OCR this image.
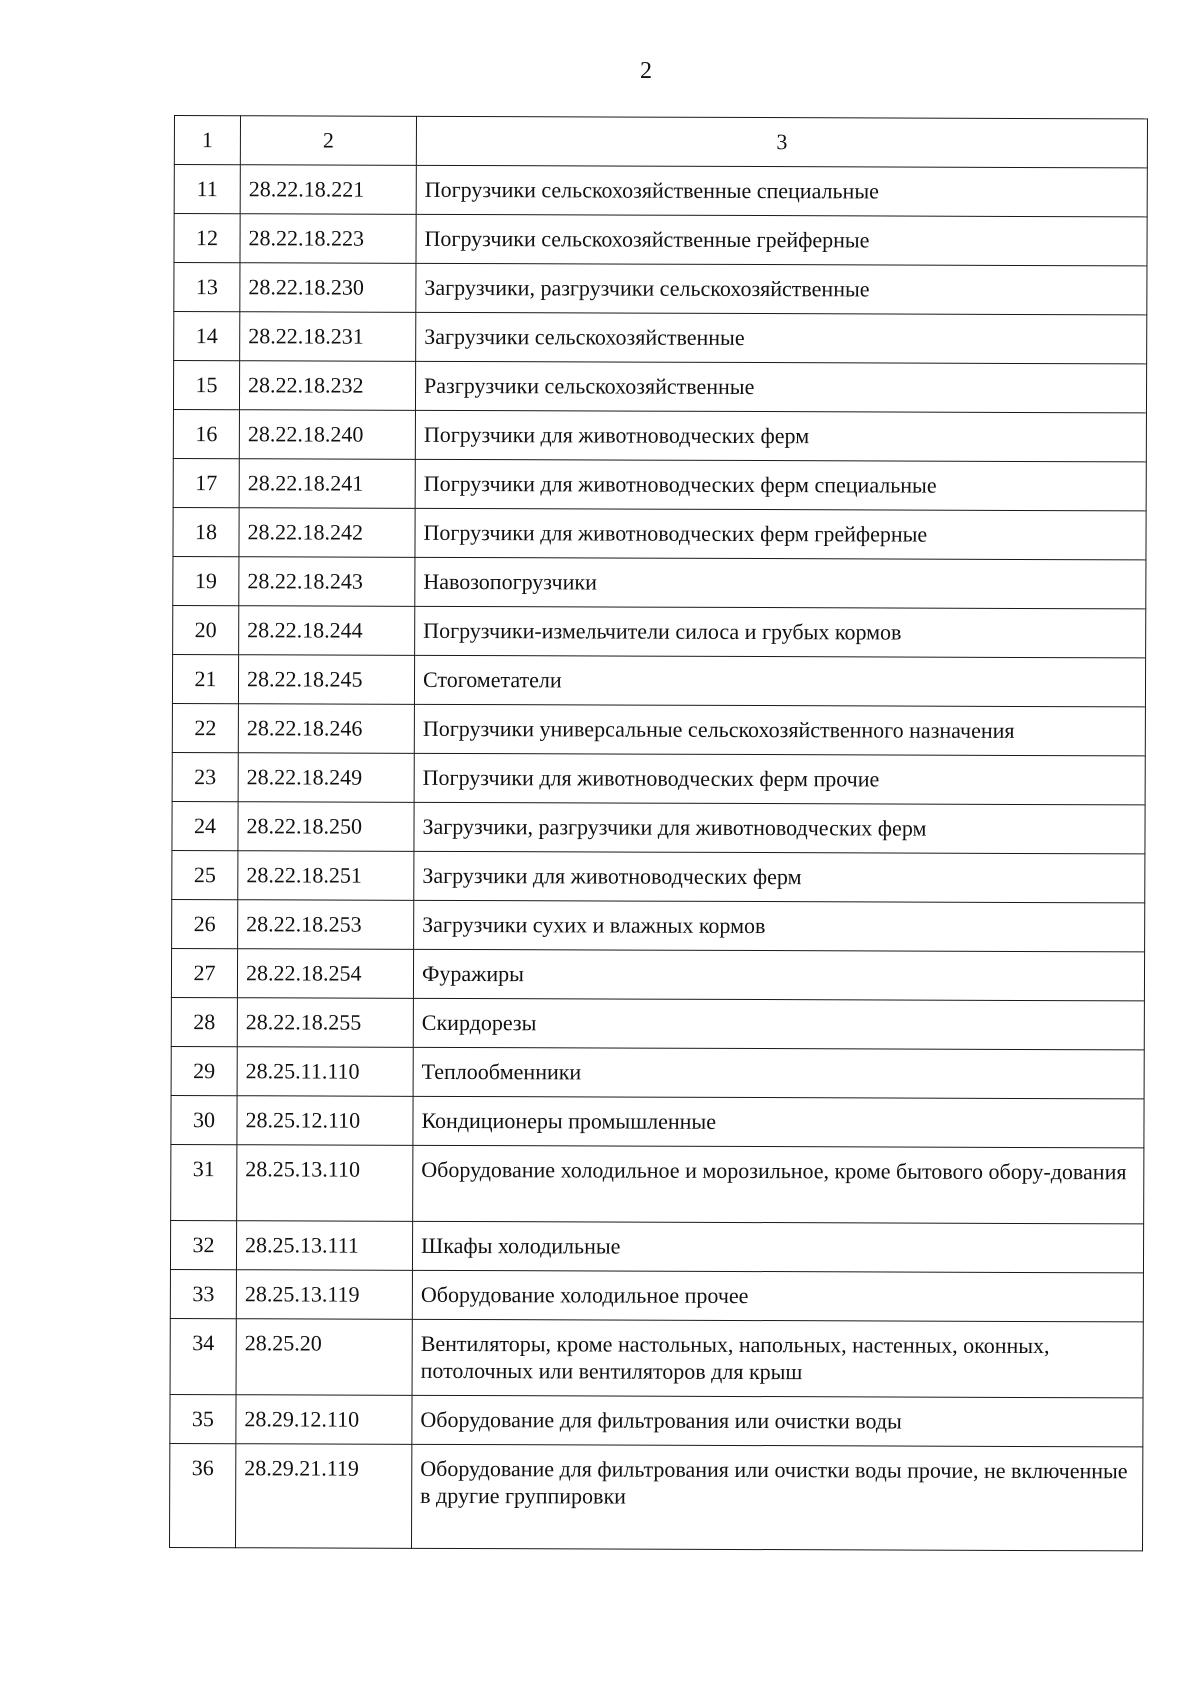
2
1	2	3
11	28.22.18.221	Погрузчики сельскохозяйственные специальные
12	28.22.18.223	Погрузчики сельскохозяйственные грейферные
13	28.22.18.230	Загрузчики, разгрузчики сельскохозяйственные
14	28.22.18.231	Загрузчики сельскохозяйственные
15	28.22.18.232	Разгрузчики сельскохозяйственные
16	28.22.18.240	Погрузчики для животноводческих ферм
17	28.22.18.241	Погрузчики для животноводческих ферм специальные
18	28.22.18.242	Погрузчики для животноводческих ферм грейферные
19	28.22.18.243	Навозопогрузчики
20	28.22.18.244	Погрузчики-измельчители силоса и грубых кормов
21	28.22.18.245	Стогометатели
22	28.22.18.246	Погрузчики универсальные сельскохозяйственного назначения
23	28.22.18.249	Погрузчики для животноводческих ферм прочие
24	28.22.18.250	Загрузчики, разгрузчики для животноводческих ферм
25	28.22.18.251	Загрузчики для животноводческих ферм
26	28.22.18.253	Загрузчики сухих и влажных кормов
27	28.22.18.254	Фуражиры
28	28.22.18.255	Скирдорезы
29	28.25.11.110	Теплообменники
30	28.25.12.110	Кондиционеры промышленные
31	28.25.13.110	Оборудование холодильное и морозильное, кроме бытового обору-дования
32	28.25.13.111	Шкафы холодильные
33	28.25.13.119	Оборудование холодильное прочее
34	28.25.20	Вентиляторы, кроме настольных, напольных, настенных, оконных, потолочных или вентиляторов для крыш
35	28.29.12.110	Оборудование для фильтрования или очистки воды
36	28.29.21.119	Оборудование для фильтрования или очистки воды прочие, не включенные в другие группировки
